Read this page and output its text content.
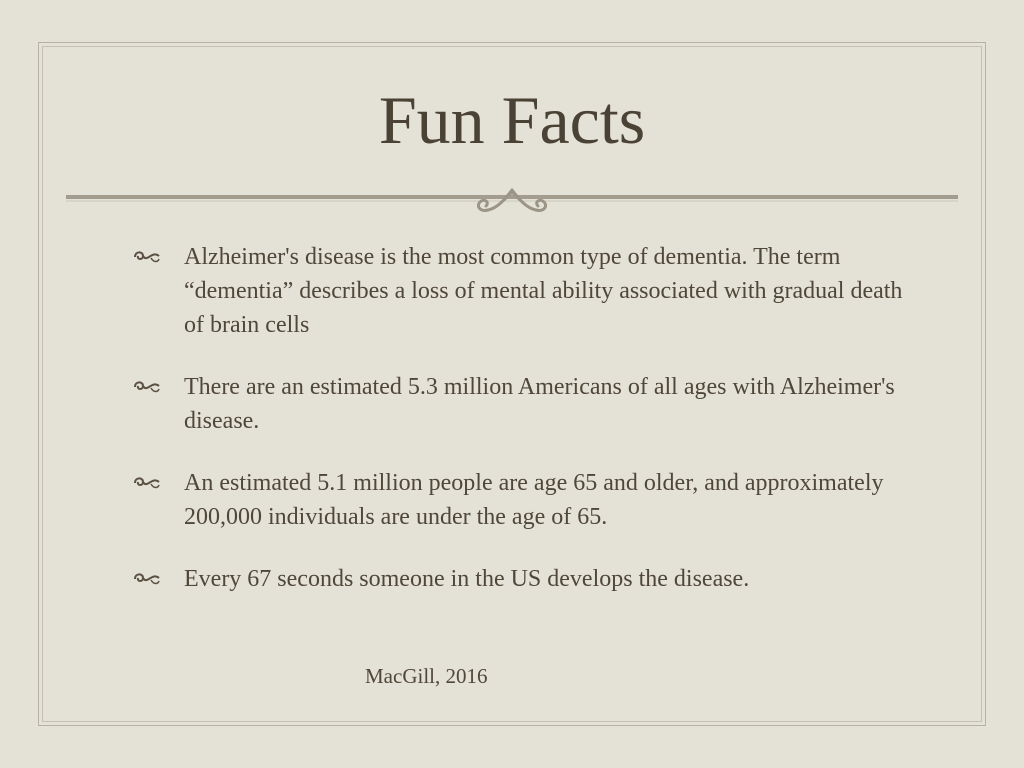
Fun Facts
Alzheimer's disease is the most common type of dementia. The term “dementia” describes a loss of mental ability associated with gradual death of brain cells
There are an estimated 5.3 million Americans of all ages with Alzheimer's disease.
An estimated 5.1 million people are age 65 and older, and approximately 200,000 individuals are under the age of 65.
Every 67 seconds someone in the US develops the disease.
MacGill, 2016
